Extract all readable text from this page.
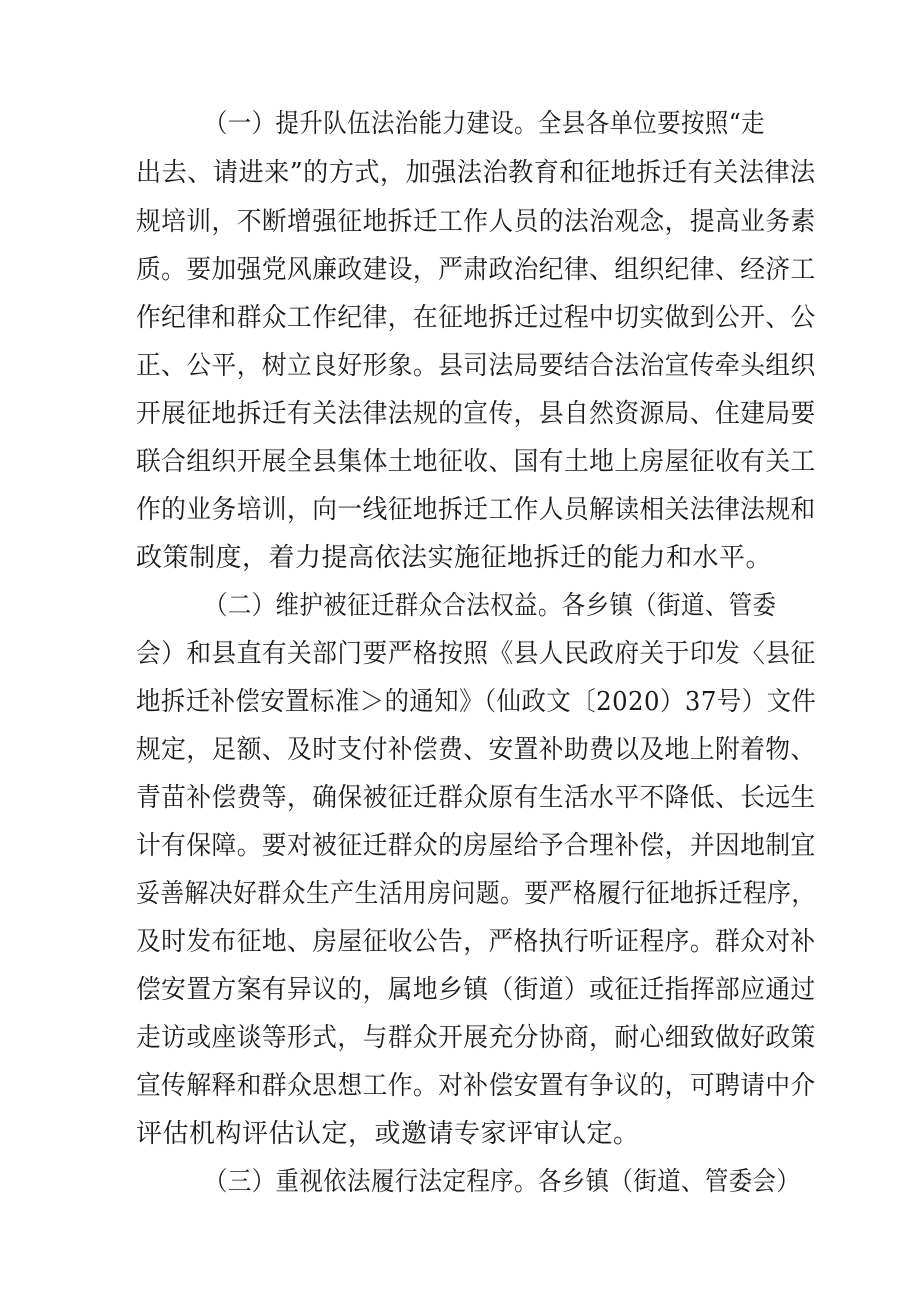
（一）提升队伍法治能力建设。全县各单位要按照“走
出去、请进来”的方式，加强法治教育和征地拆迁有关法律法
规培训，不断增强征地拆迁工作人员的法治观念，提高业务素
质。要加强党风廉政建设，严肃政治纪律、组织纪律、经济工
作纪律和群众工作纪律，在征地拆迁过程中切实做到公开、公
正、公平，树立良好形象。县司法局要结合法治宣传牵头组织
开展征地拆迁有关法律法规的宣传，县自然资源局、住建局要
联合组织开展全县集体土地征收、国有土地上房屋征收有关工
作的业务培训，向一线征地拆迁工作人员解读相关法律法规和
政策制度，着力提高依法实施征地拆迁的能力和水平。
（二）维护被征迁群众合法权益。各乡镇（街道、管委
会）和县直有关部门要严格按照《县人民政府关于印发〈县征
地拆迁补偿安置标准＞的通知》（仙政文〔2020）37号）文件
规定，足额、及时支付补偿费、安置补助费以及地上附着物、
青苗补偿费等，确保被征迁群众原有生活水平不降低、长远生
计有保障。要对被征迁群众的房屋给予合理补偿，并因地制宜
妥善解决好群众生产生活用房问题。要严格履行征地拆迁程序，
及时发布征地、房屋征收公告，严格执行听证程序。群众对补
偿安置方案有异议的，属地乡镇（街道）或征迁指挥部应通过
走访或座谈等形式，与群众开展充分协商，耐心细致做好政策
宣传解释和群众思想工作。对补偿安置有争议的，可聘请中介
评估机构评估认定，或邀请专家评审认定。
（三）重视依法履行法定程序。各乡镇（街道、管委会）
